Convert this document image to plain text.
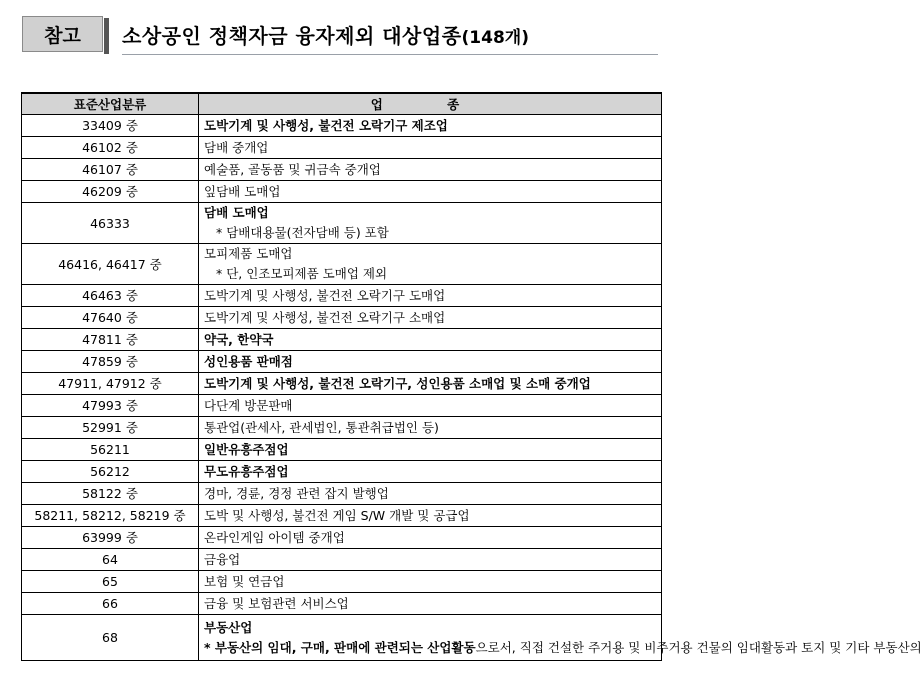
참고	소상공인 정책자금 융자제외 대상업종(148개)
표준산업분류	업 종
33409 중	도박기계 및 사행성, 불건전 오락기구 제조업

46102 중	담배 중개업

46107 중	예술품, 골동품 및 귀금속 중개업

46209 중	잎담배 도매업

46333	담배 도매업
* 담배대용물(전자담배 등) 포함

46416, 46417 중	모피제품 도매업
* 단, 인조모피제품 도매업 제외

46463 중	도박기계 및 사행성, 불건전 오락기구 도매업

47640 중	도박기계 및 사행성, 불건전 오락기구 소매업

47811 중	약국, 한약국

47859 중	성인용품 판매점

47911, 47912 중	도박기계 및 사행성, 불건전 오락기구, 성인용품 소매업 및 소매 중개업

47993 중	다단계 방문판매

52991 중	통관업(관세사, 관세법인, 통관취급법인 등)

56211	일반유흥주점업

56212	무도유흥주점업

58122 중	경마, 경륜, 경정 관련 잡지 발행업

58211, 58212, 58219 중	도박 및 사행성, 불건전 게임 S/W 개발 및 공급업

63999 중	온라인게임 아이템 중개업

64	금융업

65	보험 및 연금업

66	금융 및 보험관련 서비스업

68	부동산업
* 부동산의 임대, 구매, 판매에 관련되는 산업활동으로서, 직접 건설한 주거용 및 비주거용 건물의 임대활동과 토지 및 기타 부동산의
